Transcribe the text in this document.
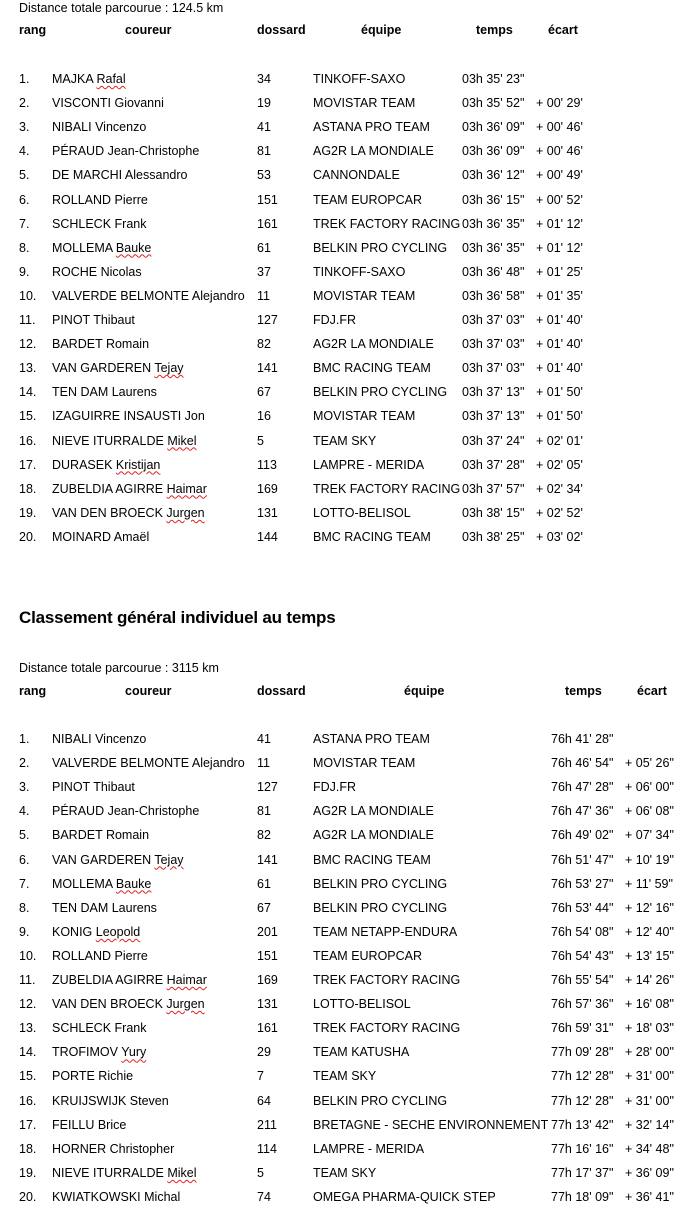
Distance totale parcourue : 124.5 km
rang	coureur	dossard	équipe	temps	écart
1. MAJKA Rafal	34	TINKOFF-SAXO	03h 35' 23"
2. VISCONTI Giovanni	19	MOVISTAR TEAM	03h 35' 52" + 00' 29'
3. NIBALI Vincenzo	41	ASTANA PRO TEAM	03h 36' 09" + 00' 46'
4. PÉRAUD Jean-Christophe	81	AG2R LA MONDIALE 03h 36' 09" + 00' 46'
5. DE MARCHI Alessandro	53	CANNONDALE	03h 36' 12" + 00' 49'
6. ROLLAND Pierre	151	TEAM EUROPCAR	03h 36' 15" + 00' 52'
7. SCHLECK Frank	161	TREK FACTORY RACING 03h 36' 35" + 01' 12'
8. MOLLEMA Bauke	61	BELKIN PRO CYCLING 03h 36' 35" + 01' 12'
9. ROCHE Nicolas	37	TINKOFF-SAXO	03h 36' 48" + 01' 25'
10. VALVERDE BELMONTE Alejandro 11	MOVISTAR TEAM	03h 36' 58" + 01' 35'
11. PINOT Thibaut	127	FDJ.FR	03h 37' 03" + 01' 40'
12. BARDET Romain	82	AG2R LA MONDIALE 03h 37' 03" + 01' 40'
13. VAN GARDEREN Tejay	141	BMC RACING TEAM 03h 37' 03" + 01' 40'
14. TEN DAM Laurens	67	BELKIN PRO CYCLING 03h 37' 13" + 01' 50'
15. IZAGUIRRE INSAUSTI Jon	16	MOVISTAR TEAM	03h 37' 13" + 01' 50'
16. NIEVE ITURRALDE Mikel	5	TEAM SKY	03h 37' 24" + 02' 01'
17. DURASEK Kristijan	113	LAMPRE - MERIDA	03h 37' 28" + 02' 05'
18. ZUBELDIA AGIRRE Haimar	169	TREK FACTORY RACING 03h 37' 57" + 02' 34'
19. VAN DEN BROECK Jurgen	131	LOTTO-BELISOL	03h 38' 15" + 02' 52'
20. MOINARD Amaël	144	BMC RACING TEAM 03h 38' 25" + 03' 02'
Classement général individuel au temps
Distance totale parcourue : 3115 km
rang	coureur	dossard	équipe	temps	écart
1. NIBALI Vincenzo	41	ASTANA PRO TEAM	76h 41' 28"
2. VALVERDE BELMONTE Alejandro 11	MOVISTAR TEAM	76h 46' 54" + 05' 26"
3. PINOT Thibaut	127	FDJ.FR	76h 47' 28" + 06' 00"
4. PÉRAUD Jean-Christophe	81	AG2R LA MONDIALE	76h 47' 36" + 06' 08"
5. BARDET Romain	82	AG2R LA MONDIALE	76h 49' 02" + 07' 34"
6. VAN GARDEREN Tejay	141	BMC RACING TEAM	76h 51' 47" + 10' 19"
7. MOLLEMA Bauke	61	BELKIN PRO CYCLING	76h 53' 27" + 11' 59"
8. TEN DAM Laurens	67	BELKIN PRO CYCLING	76h 53' 44" + 12' 16"
9. KONIG Leopold	201	TEAM NETAPP-ENDURA	76h 54' 08" + 12' 40"
10. ROLLAND Pierre	151	TEAM EUROPCAR	76h 54' 43" + 13' 15"
11. ZUBELDIA AGIRRE Haimar	169	TREK FACTORY RACING	76h 55' 54" + 14' 26"
12. VAN DEN BROECK Jurgen	131	LOTTO-BELISOL	76h 57' 36" + 16' 08"
13. SCHLECK Frank	161	TREK FACTORY RACING	76h 59' 31" + 18' 03"
14. TROFIMOV Yury	29	TEAM KATUSHA	77h 09' 28" + 28' 00"
15. PORTE Richie	7	TEAM SKY	77h 12' 28" + 31' 00"
16. KRUIJSWIJK Steven	64	BELKIN PRO CYCLING	77h 12' 28" + 31' 00"
17. FEILLU Brice	211	BRETAGNE - SECHE ENVIRONNEMENT 77h 13' 42" + 32' 14"
18. HORNER Christopher	114	LAMPRE - MERIDA	77h 16' 16" + 34' 48"
19. NIEVE ITURRALDE Mikel	5	TEAM SKY	77h 17' 37" + 36' 09"
20. KWIATKOWSKI Michal	74	OMEGA PHARMA-QUICK STEP	77h 18' 09" + 36' 41"
